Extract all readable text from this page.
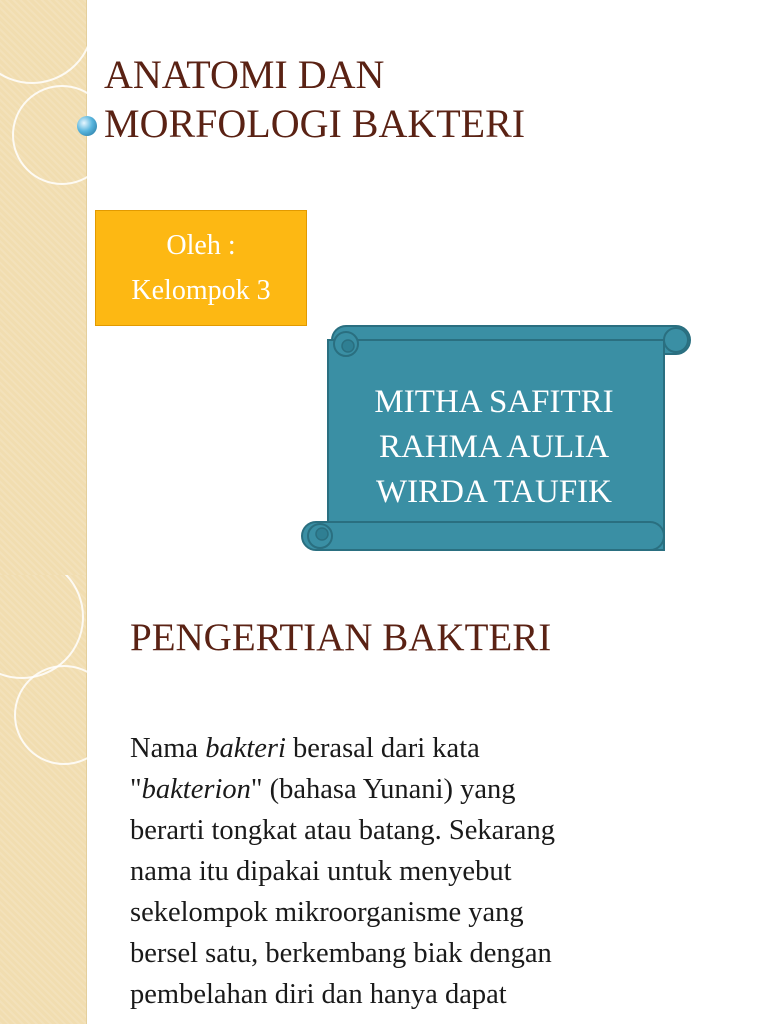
ANATOMI DAN
MORFOLOGI BAKTERI
Oleh :
Kelompok 3
MITHA SAFITRI
RAHMA AULIA
WIRDA TAUFIK
PENGERTIAN BAKTERI

Nama bakteri berasal dari kata
"bakterion" (bahasa Yunani) yang
berarti tongkat atau batang. Sekarang
nama itu dipakai untuk menyebut
sekelompok mikroorganisme yang
bersel satu, berkembang biak dengan
pembelahan diri dan hanya dapat
